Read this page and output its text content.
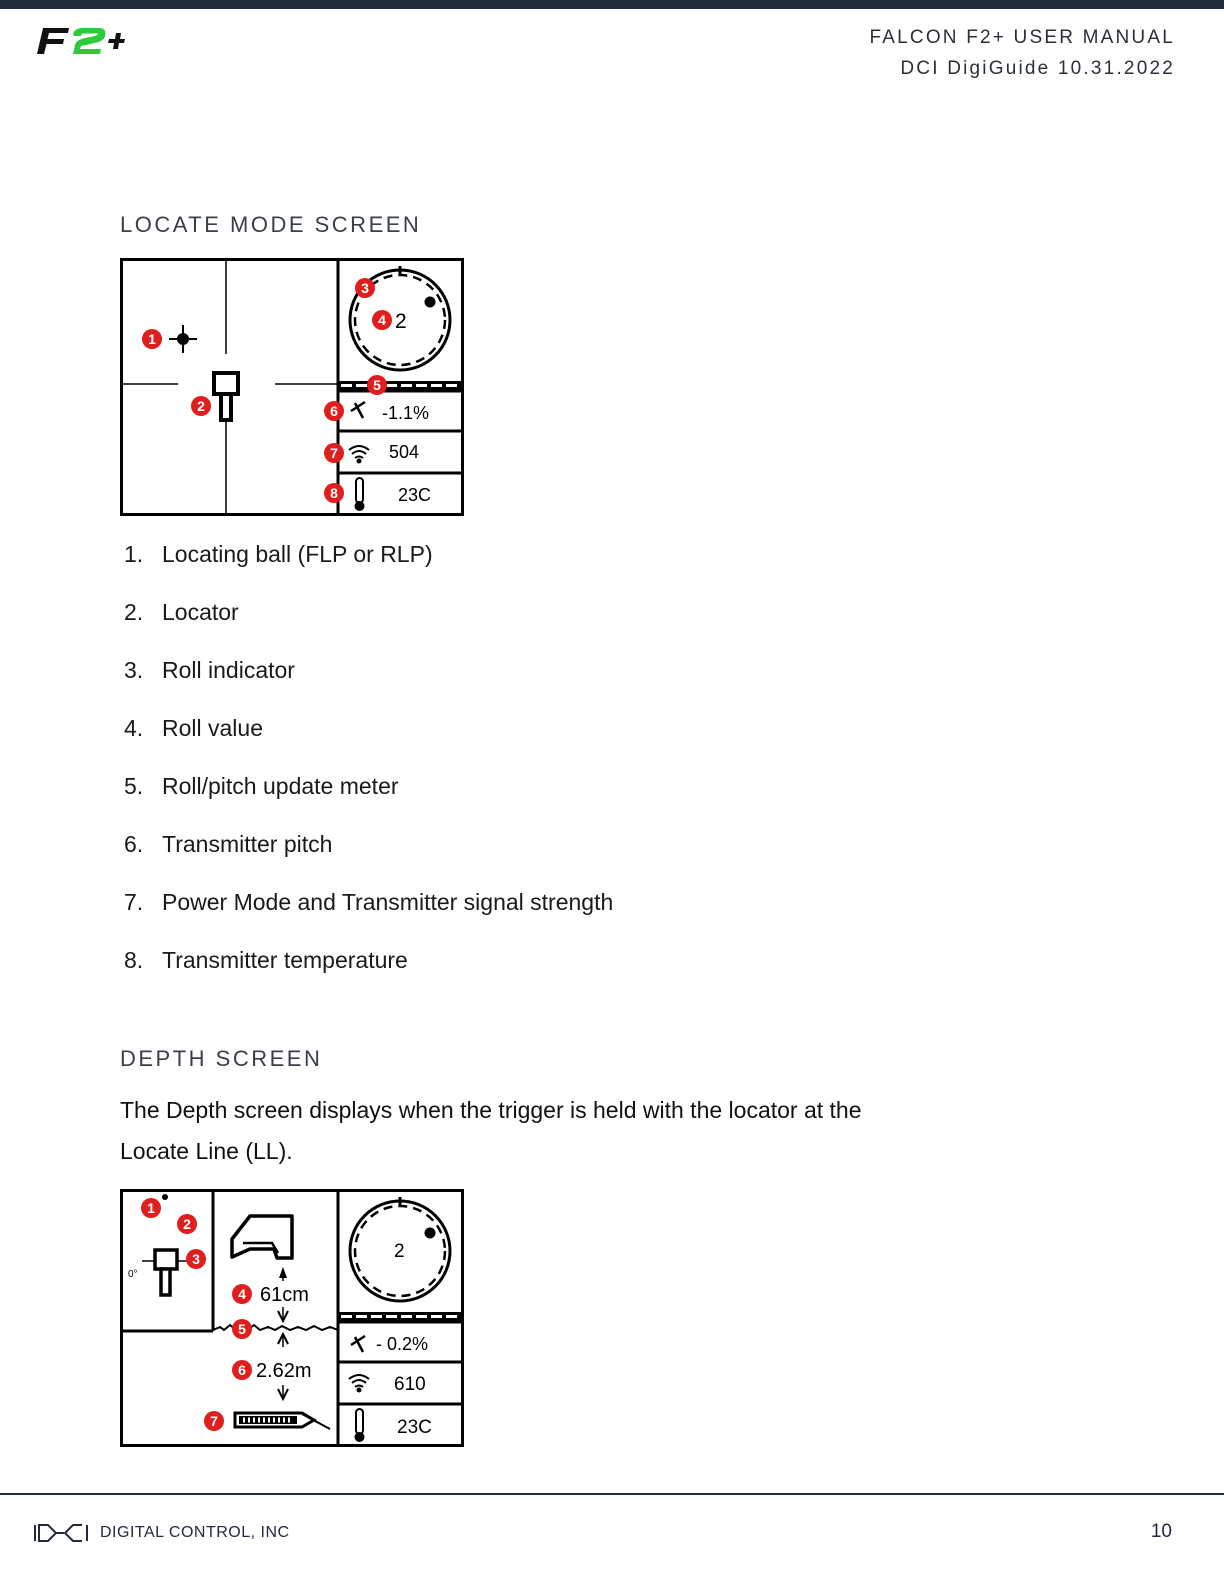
FALCON F2+ USER MANUAL
DCI DigiGuide 10.31.2022
LOCATE MODE SCREEN
2
-1.1%
504
23C
1
2
3
4
5
6
7
8
1. Locating ball (FLP or RLP)
2. Locator
3. Roll indicator
4. Roll value
5. Roll/pitch update meter
6. Transmitter pitch
7. Power Mode and Transmitter signal strength
8. Transmitter temperature
DEPTH SCREEN
The Depth screen displays when the trigger is held with the locator at the Locate Line (LL).
0°
61cm
2.62m
2
- 0.2%
610
23C
1
2
3
4
5
6
7
DIGITAL CONTROL, INC	10
